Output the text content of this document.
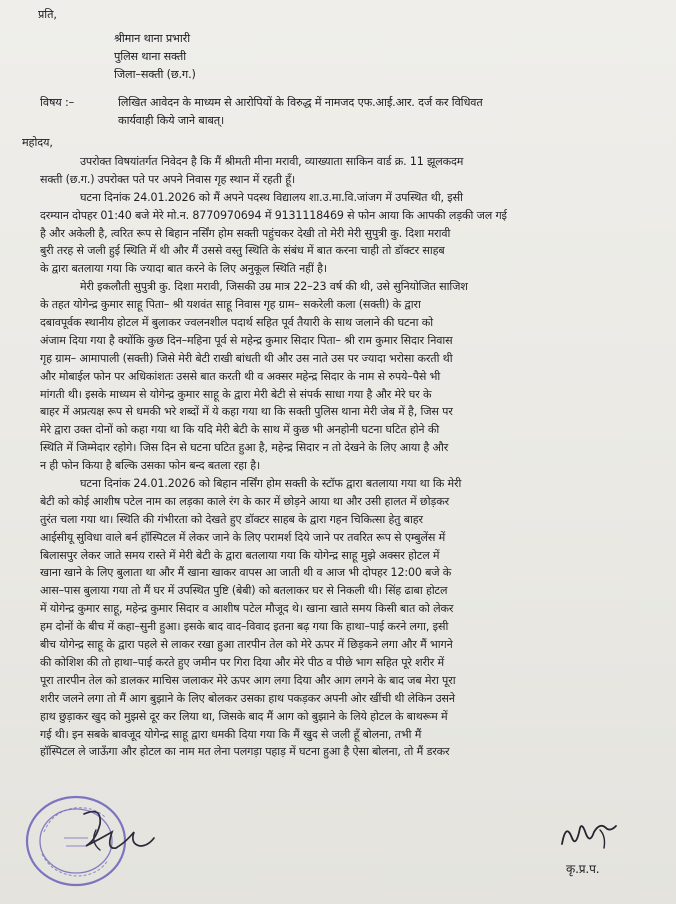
प्रति,
श्रीमान थाना प्रभारी
पुलिस थाना सक्ती
जिला–सक्ती (छ.ग.)
विषय :–	लिखित आवेदन के माध्यम से आरोपियों के विरुद्ध में नामजद एफ.आई.आर. दर्ज कर विधिवत
कार्यवाही किये जाने बाबत्।
महोदय,
उपरोक्त विषयांतर्गत निवेदन है कि मैं श्रीमती मीना मरावी, व्याख्याता साकिन वार्ड क्र. 11 झूलकदम
सक्ती (छ.ग.) उपरोक्त पते पर अपने निवास गृह स्थान में रहती हूँ।
घटना दिनांक 24.01.2026 को मैं अपने पदस्थ विद्यालय शा.उ.मा.वि.जांजग में उपस्थित थी, इसी
दरम्यान दोपहर 01:40 बजे मेरे मो.न. 8770970694 में 9131118469 से फोन आया कि आपकी लड़की जल गई
है और अकेली है, त्वरित रूप से बिहान नर्सिंग होम सक्ती पहुंचकर देखी तो मेरी मेरी सुपुत्री कु. दिशा मरावी
बुरी तरह से जली हुई स्थिति में थी और मैं उससे वस्तु स्थिति के संबंध में बात करना चाही तो डॉक्टर साहब
के द्वारा बतलाया गया कि ज्यादा बात करने के लिए अनुकूल स्थिति नहीं है।
मेरी इकलौती सुपुत्री कु. दिशा मरावी, जिसकी उम्र मात्र 22–23 वर्ष की थी, उसे सुनियोजित साजिश
के तहत योगेन्द्र कुमार साहू पिता– श्री यशवंत साहू निवास गृह ग्राम– सकरेली कला (सक्ती) के द्वारा
दबावपूर्वक स्थानीय होटल में बुलाकर ज्वलनशील पदार्थ सहित पूर्व तैयारी के साथ जलाने की घटना को
अंजाम दिया गया है क्योंकि कुछ दिन–महिना पूर्व से महेन्द्र कुमार सिदार पिता– श्री राम कुमार सिदार निवास
गृह ग्राम– आमापाली (सक्ती) जिसे मेरी बेटी राखी बांधती थी और उस नाते उस पर ज्यादा भरोसा करती थी
और मोबाईल फोन पर अधिकांशतः उससे बात करती थी व अक्सर महेन्द्र सिदार के नाम से रुपये–पैसे भी
मांगती थी। इसके माध्यम से योगेन्द्र कुमार साहू के द्वारा मेरी बेटी से संपर्क साधा गया है और मेरे घर के
बाहर में अप्रत्यक्ष रूप से धमकी भरे शब्दों में ये कहा गया था कि सक्ती पुलिस थाना मेरी जेब में है, जिस पर
मेरे द्वारा उक्त दोनों को कहा गया था कि यदि मेरी बेटी के साथ में कुछ भी अनहोनी घटना घटित होने की
स्थिति में जिम्मेदार रहोगे। जिस दिन से घटना घटित हुआ है, महेन्द्र सिदार न तो देखने के लिए आया है और
न ही फोन किया है बल्कि उसका फोन बन्द बतला रहा है।
घटना दिनांक 24.01.2026 को बिहान नर्सिंग होम सक्ती के स्टॉफ द्वारा बतलाया गया था कि मेरी
बेटी को कोई आशीष पटेल नाम का लड़का काले रंग के कार में छोड़ने आया था और उसी हालत में छोड़कर
तुरंत चला गया था। स्थिति की गंभीरता को देखते हुए डॉक्टर साहब के द्वारा गहन चिकित्सा हेतु बाहर
आईसीयू सुविधा वाले बर्न हॉस्पिटल में लेकर जाने के लिए परामर्श दिये जाने पर तवरित रूप से एम्बुलेंस में
बिलासपुर लेकर जाते समय रास्ते में मेरी बेटी के द्वारा बतलाया गया कि योगेन्द्र साहू मुझे अक्सर होटल में
खाना खाने के लिए बुलाता था और मैं खाना खाकर वापस आ जाती थी व आज भी दोपहर 12:00 बजे के
आस–पास बुलाया गया तो मैं घर में उपस्थित पुष्टि (बेबी) को बतलाकर घर से निकली थी। सिंह ढाबा होटल
में योगेन्द्र कुमार साहू, महेन्द्र कुमार सिदार व आशीष पटेल मौजूद थे। खाना खाते समय किसी बात को लेकर
हम दोनों के बीच में कहा–सुनी हुआ। इसके बाद वाद–विवाद इतना बढ़ गया कि हाथा–पाई करने लगा, इसी
बीच योगेन्द्र साहू के द्वारा पहले से लाकर रखा हुआ तारपीन तेल को मेरे ऊपर में छिड़कने लगा और मैं भागने
की कोशिश की तो हाथा–पाई करते हुए जमीन पर गिरा दिया और मेरे पीठ व पीछे भाग सहित पूरे शरीर में
पूरा तारपीन तेल को डालकर माचिस जलाकर मेरे ऊपर आग लगा दिया और आग लगने के बाद जब मेरा पूरा
शरीर जलने लगा तो मैं आग बुझाने के लिए बोलकर उसका हाथ पकड़कर अपनी ओर खींची थी लेकिन उसने
हाथ छुड़ाकर खुद को मुझसे दूर कर लिया था, जिसके बाद मैं आग को बुझाने के लिये होटल के बाथरूम में
गई थी। इन सबके बावजूद योगेन्द्र साहू द्वारा धमकी दिया गया कि मैं खुद से जली हूँ बोलना, तभी मैं
हॉस्पिटल ले जाऊँगा और होटल का नाम मत लेना पलगड़ा पहाड़ में घटना हुआ है ऐसा बोलना, तो मैं डरकर
कृ.प्र.प.
